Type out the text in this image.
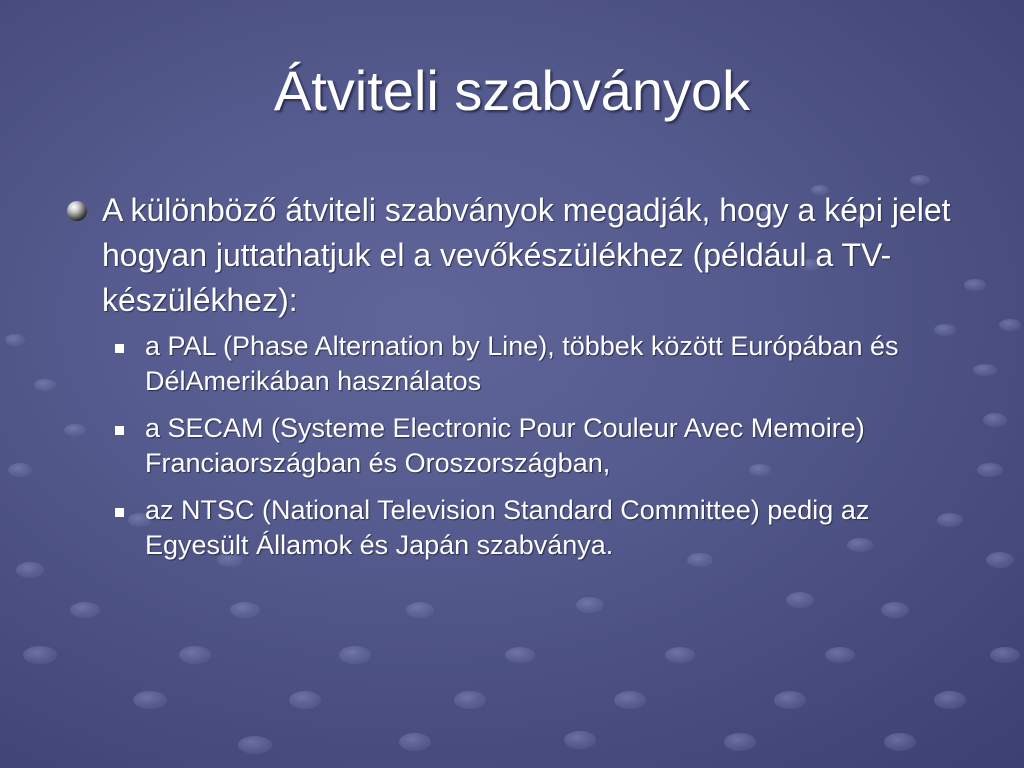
Átviteli szabványok
A különböző átviteli szabványok megadják, hogy a képi jelet hogyan juttathatjuk el a vevőkészülékhez (például a TV-készülékhez):
a PAL (Phase Alternation by Line), többek között Európában és DélAmerikában használatos
a SECAM (Systeme Electronic Pour Couleur Avec Memoire) Franciaországban és Oroszországban,
az NTSC (National Television Standard Committee) pedig az Egyesült Államok és Japán szabványa.
